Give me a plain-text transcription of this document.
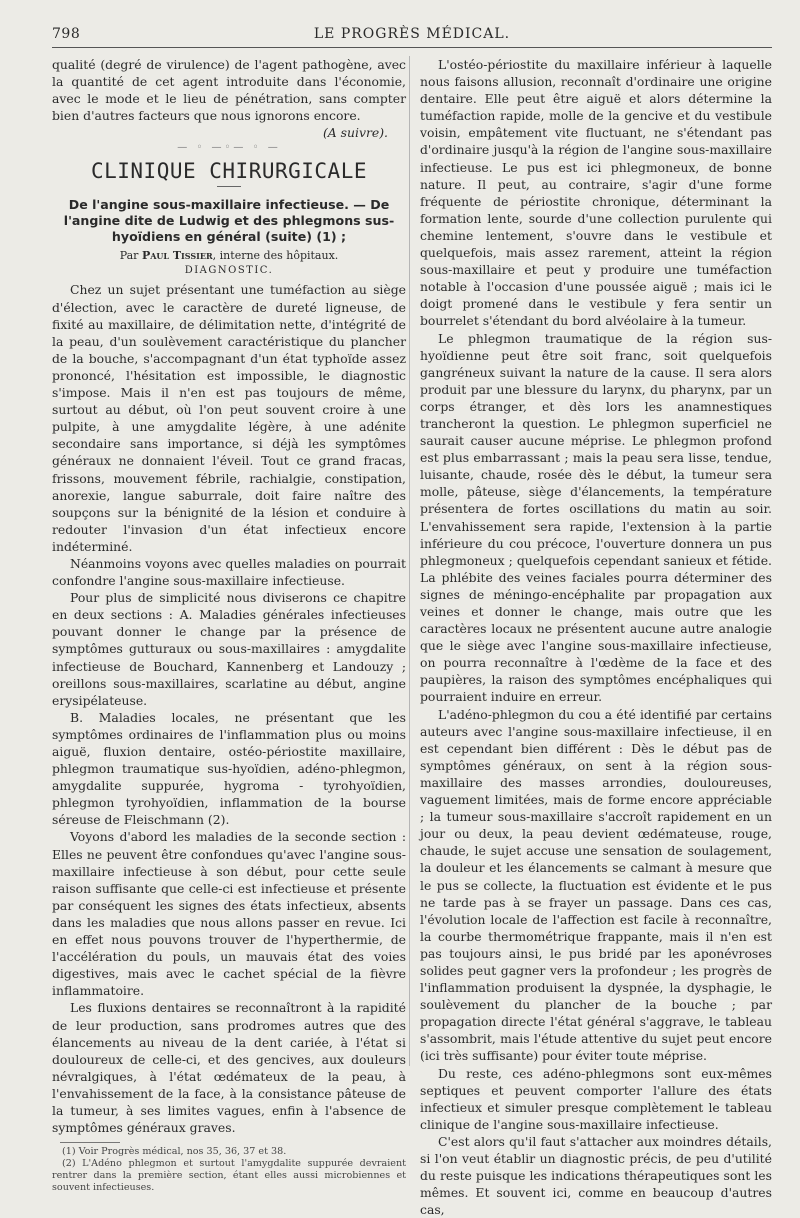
798	LE PROGRÈS MÉDICAL.

qualité (degré de virulence) de l'agent pathogène, avec la quantité de cet agent introduite dans l'économie, avec le mode et le lieu de pénétration, sans compter bien d'autres facteurs que nous ignorons encore.

(A suivre).
— ◦ —◦— ◦ —
CLINIQUE CHIRURGICALE
De l'angine sous-maxillaire infectieuse. — De l'angine dite de Ludwig et des phlegmons sus-hyoïdiens en général (suite) (1) ;
Par Paul Tissier, interne des hôpitaux.
DIAGNOSTIC.

Chez un sujet présentant une tuméfaction au siège d'élection, avec le caractère de dureté ligneuse, de fixité au maxillaire, de délimitation nette, d'intégrité de la peau, d'un soulèvement caractéristique du plancher de la bouche, s'accompagnant d'un état typhoïde assez prononcé, l'hésitation est impossible, le diagnostic s'impose. Mais il n'en est pas toujours de même, surtout au début, où l'on peut souvent croire à une pulpite, à une amygdalite légère, à une adénite secondaire sans importance, si déjà les symptômes généraux ne donnaient l'éveil. Tout ce grand fracas, frissons, mouvement fébrile, rachialgie, constipation, anorexie, langue saburrale, doit faire naître des soupçons sur la bénignité de la lésion et conduire à redouter l'invasion d'un état infectieux encore indéterminé.

Néanmoins voyons avec quelles maladies on pourrait confondre l'angine sous-maxillaire infectieuse.

Pour plus de simplicité nous diviserons ce chapitre en deux sections : A. Maladies générales infectieuses pouvant donner le change par la présence de symptômes gutturaux ou sous-maxillaires : amygdalite infectieuse de Bouchard, Kannenberg et Landouzy ; oreillons sous-maxillaires, scarlatine au début, angine erysipélateuse.

B. Maladies locales, ne présentant que les symptômes ordinaires de l'inflammation plus ou moins aiguë, fluxion dentaire, ostéo-périostite maxillaire, phlegmon traumatique sus-hyoïdien, adéno-phlegmon, amygdalite suppurée, hygroma - tyrohyoïdien, phlegmon tyrohyoïdien, inflammation de la bourse séreuse de Fleischmann (2).

Voyons d'abord les maladies de la seconde section : Elles ne peuvent être confondues qu'avec l'angine sous-maxillaire infectieuse à son début, pour cette seule raison suffisante que celle-ci est infectieuse et présente par conséquent les signes des états infectieux, absents dans les maladies que nous allons passer en revue. Ici en effet nous pouvons trouver de l'hyperthermie, de l'accélération du pouls, un mauvais état des voies digestives, mais avec le cachet spécial de la fièvre inflammatoire.

Les fluxions dentaires se reconnaîtront à la rapidité de leur production, sans prodromes autres que des élancements au niveau de la dent cariée, à l'état si douloureux de celle-ci, et des gencives, aux douleurs névralgiques, à l'état œdémateux de la peau, à l'envahissement de la face, à la consistance pâteuse de la tumeur, à ses limites vagues, enfin à l'absence de symptômes généraux graves.

(1) Voir Progrès médical, nos 35, 36, 37 et 38.

(2) L'Adéno phlegmon et surtout l'amygdalite suppurée devraient rentrer dans la première section, étant elles aussi microbiennes et souvent infectieuses.

L'ostéo-périostite du maxillaire inférieur à laquelle nous faisons allusion, reconnaît d'ordinaire une origine dentaire. Elle peut être aiguë et alors détermine la tuméfaction rapide, molle de la gencive et du vestibule voisin, empâtement vite fluctuant, ne s'étendant pas d'ordinaire jusqu'à la région de l'angine sous-maxillaire infectieuse. Le pus est ici phlegmoneux, de bonne nature. Il peut, au contraire, s'agir d'une forme fréquente de périostite chronique, déterminant la formation lente, sourde d'une collection purulente qui chemine lentement, s'ouvre dans le vestibule et quelquefois, mais assez rarement, atteint la région sous-maxillaire et peut y produire une tuméfaction notable à l'occasion d'une poussée aiguë ; mais ici le doigt promené dans le vestibule y fera sentir un bourrelet s'étendant du bord alvéolaire à la tumeur.

Le phlegmon traumatique de la région sus-hyoïdienne peut être soit franc, soit quelquefois gangréneux suivant la nature de la cause. Il sera alors produit par une blessure du larynx, du pharynx, par un corps étranger, et dès lors les anamnestiques trancheront la question. Le phlegmon superficiel ne saurait causer aucune méprise. Le phlegmon profond est plus embarrassant ; mais la peau sera lisse, tendue, luisante, chaude, rosée dès le début, la tumeur sera molle, pâteuse, siège d'élancements, la température présentera de fortes oscillations du matin au soir. L'envahissement sera rapide, l'extension à la partie inférieure du cou précoce, l'ouverture donnera un pus phlegmoneux ; quelquefois cependant sanieux et fétide. La phlébite des veines faciales pourra déterminer des signes de méningo-encéphalite par propagation aux veines et donner le change, mais outre que les caractères locaux ne présentent aucune autre analogie que le siège avec l'angine sous-maxillaire infectieuse, on pourra reconnaître à l'œdème de la face et des paupières, la raison des symptômes encéphaliques qui pourraient induire en erreur.

L'adéno-phlegmon du cou a été identifié par certains auteurs avec l'angine sous-maxillaire infectieuse, il en est cependant bien différent : Dès le début pas de symptômes généraux, on sent à la région sous-maxillaire des masses arrondies, douloureuses, vaguement limitées, mais de forme encore appréciable ; la tumeur sous-maxillaire s'accroît rapidement en un jour ou deux, la peau devient œdémateuse, rouge, chaude, le sujet accuse une sensation de soulagement, la douleur et les élancements se calmant à mesure que le pus se collecte, la fluctuation est évidente et le pus ne tarde pas à se frayer un passage. Dans ces cas, l'évolution locale de l'affection est facile à reconnaître, la courbe thermométrique frappante, mais il n'en est pas toujours ainsi, le pus bridé par les aponévroses solides peut gagner vers la profondeur ; les progrès de l'inflammation produisent la dyspnée, la dysphagie, le soulèvement du plancher de la bouche ; par propagation directe l'état général s'aggrave, le tableau s'assombrit, mais l'étude attentive du sujet peut encore (ici très suffisante) pour éviter toute méprise.

Du reste, ces adéno-phlegmons sont eux-mêmes septiques et peuvent comporter l'allure des états infectieux et simuler presque complètement le tableau clinique de l'angine sous-maxillaire infectieuse.

C'est alors qu'il faut s'attacher aux moindres détails, si l'on veut établir un diagnostic précis, de peu d'utilité du reste puisque les indications thérapeutiques sont les mêmes. Et souvent ici, comme en beaucoup d'autres cas,
